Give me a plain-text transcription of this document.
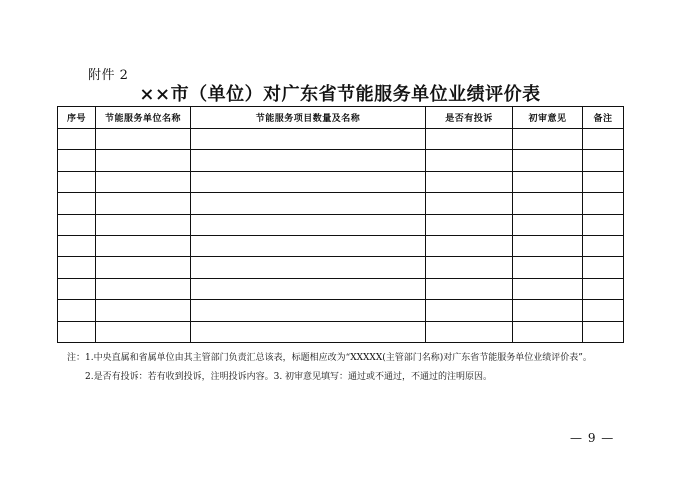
附件 2
××市（单位）对广东省节能服务单位业绩评价表
序号	节能服务单位名称	节能服务项目数量及名称	是否有投诉	初审意见	备注

注：1.中央直属和省属单位由其主管部门负责汇总该表，标题相应改为“XXXXX(主管部门名称)对广东省节能服务单位业绩评价表”。
2.是否有投诉：若有收到投诉，注明投诉内容。3. 初审意见填写：通过或不通过，不通过的注明原因。
— 9 —
